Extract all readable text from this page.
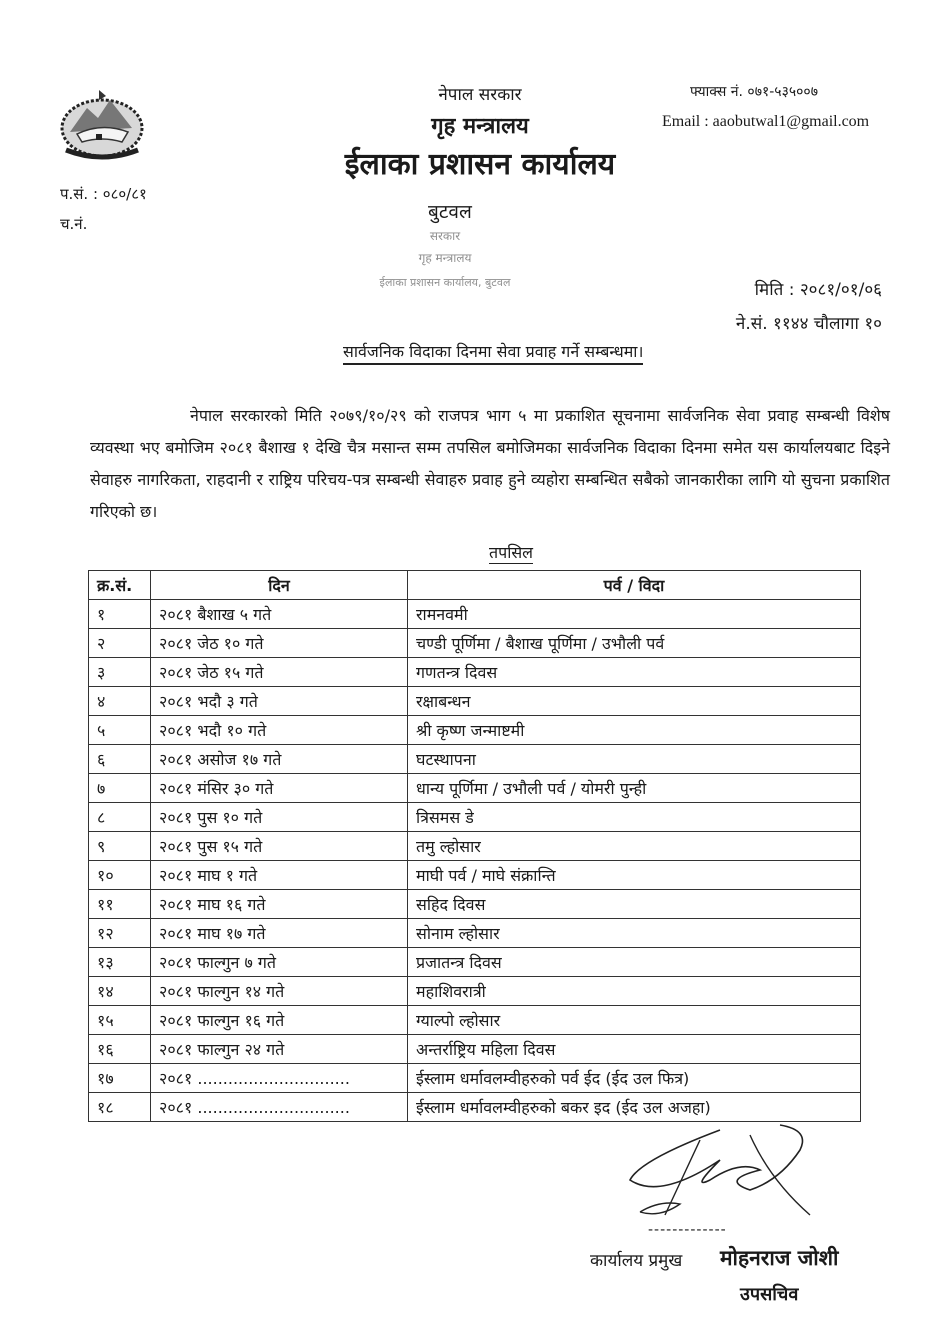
प.सं. : ०८०/८१
च.नं.
नेपाल सरकार
गृह मन्त्रालय
ईलाका प्रशासन कार्यालय
बुटवल
सरकार
गृह मन्त्रालय
ईलाका प्रशासन कार्यालय, बुटवल
फ्याक्स नं. ०७१-५३५००७
Email : aaobutwal1@gmail.com
मिति : २०८१/०१/०६
ने.सं. ११४४ चौलागा १०
सार्वजनिक विदाका दिनमा सेवा प्रवाह गर्ने सम्बन्धमा।
नेपाल सरकारको मिति २०७९/१०/२९ को राजपत्र भाग ५ मा प्रकाशित सूचनामा सार्वजनिक सेवा प्रवाह सम्बन्धी विशेष व्यवस्था भए बमोजिम २०८१ बैशाख १ देखि चैत्र मसान्त सम्म तपसिल बमोजिमका सार्वजनिक विदाका दिनमा समेत यस कार्यालयबाट दिइने सेवाहरु नागरिकता, राहदानी र राष्ट्रिय परिचय-पत्र सम्बन्धी सेवाहरु प्रवाह हुने व्यहोरा सम्बन्धित सबैको जानकारीका लागि यो सुचना प्रकाशित गरिएको छ।
तपसिल
क्र.सं.	दिन	पर्व / विदा
१	२०८१ बैशाख ५ गते	रामनवमी
२	२०८१ जेठ १० गते	चण्डी पूर्णिमा / बैशाख पूर्णिमा / उभौली पर्व
३	२०८१ जेठ १५ गते	गणतन्त्र दिवस
४	२०८१ भदौ ३ गते	रक्षाबन्धन
५	२०८१ भदौ १० गते	श्री कृष्ण जन्माष्टमी
६	२०८१ असोज १७ गते	घटस्थापना
७	२०८१ मंसिर ३० गते	धान्य पूर्णिमा / उभौली पर्व / योमरी पुन्ही
८	२०८१ पुस १० गते	त्रिसमस डे
९	२०८१ पुस १५ गते	तमु ल्होसार
१०	२०८१ माघ १ गते	माघी पर्व / माघे संक्रान्ति
११	२०८१ माघ १६ गते	सहिद दिवस
१२	२०८१ माघ १७ गते	सोनाम ल्होसार
१३	२०८१ फाल्गुन ७ गते	प्रजातन्त्र दिवस
१४	२०८१ फाल्गुन १४ गते	महाशिवरात्री
१५	२०८१ फाल्गुन १६ गते	ग्याल्पो ल्होसार
१६	२०८१ फाल्गुन २४ गते	अन्तर्राष्ट्रिय महिला दिवस
१७	२०८१ ..............................	ईस्लाम धर्मावलम्वीहरुको पर्व ईद (ईद उल फित्र)
१८	२०८१ ..............................	ईस्लाम धर्मावलम्वीहरुको बकर इद (ईद उल अजहा)
-------------
कार्यालय प्रमुख मोहनराज जोशी
उपसचिव
